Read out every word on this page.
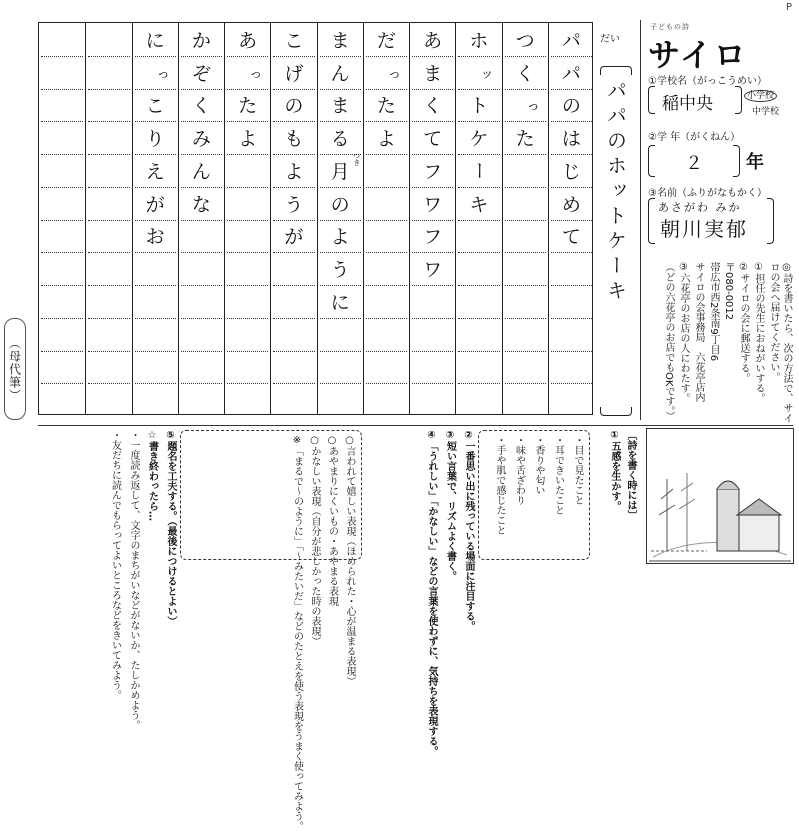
P
（母代筆）
に
っ
こ
り
え
が
お
か
ぞ
く
み
ん
な
あ
っ
た
よ
こ
げ
の
も
よ
う
が
ま
ん
ま
る
月
の
よ
う
に
つき
だ
っ
た
よ
あ
ま
く
て
フ
ワ
フ
ワ
ホ
ッ
ト
ケ
ー
キ
つ
く
っ
た
パ
パ
の
は
じ
め
て
だい
パパのホットケーキ
子どもの詩
サイロ
①学校名（がっこうめい）
稲中央	小学校
中学校
②学 年（がくねん）
２	年
③名前（ふりがなもかく）
あさがわ みか
朝川実郁
◎詩を書いたら、次の方法で、サイロの会へ届けてください。
①担任の先生におねがいする。
②サイロの会に郵送する。
〒080-0012
帯広市西2条南9丁目6
サイロの会事務局　六花亭店内
③六花亭のお店の人にわたす。
（どの六花亭のお店でもOKです。）
〔詩を書く時には〕
①五感を生かす。
・目で見たこと
・耳できいたこと
・香りや匂い
・味や舌ざわり
・手や肌で感じたこと
②一番思い出に残っている場面に注目する。
③短い言葉で、リズムよく書く。
④「うれしい」「かなしい」などの言葉を使わずに、気持ちを表現する。
○言われて嬉しい表現（ほめられた・心が温まる表現）
○あやまりにくいもの・あやまる表現
○かなしい表現（自分が悲しかった時の表現）
※「まるで～のように」「～みたいだ」などのたとえを使う表現をうまく使ってみよう。
⑤題名を工夫する。（最後につけるとよい）
☆書き終わったら…
・一度読み返して、文字のまちがいなどがないか、たしかめよう。
・友だちに読んでもらってよいところなどをきいてみよう。
